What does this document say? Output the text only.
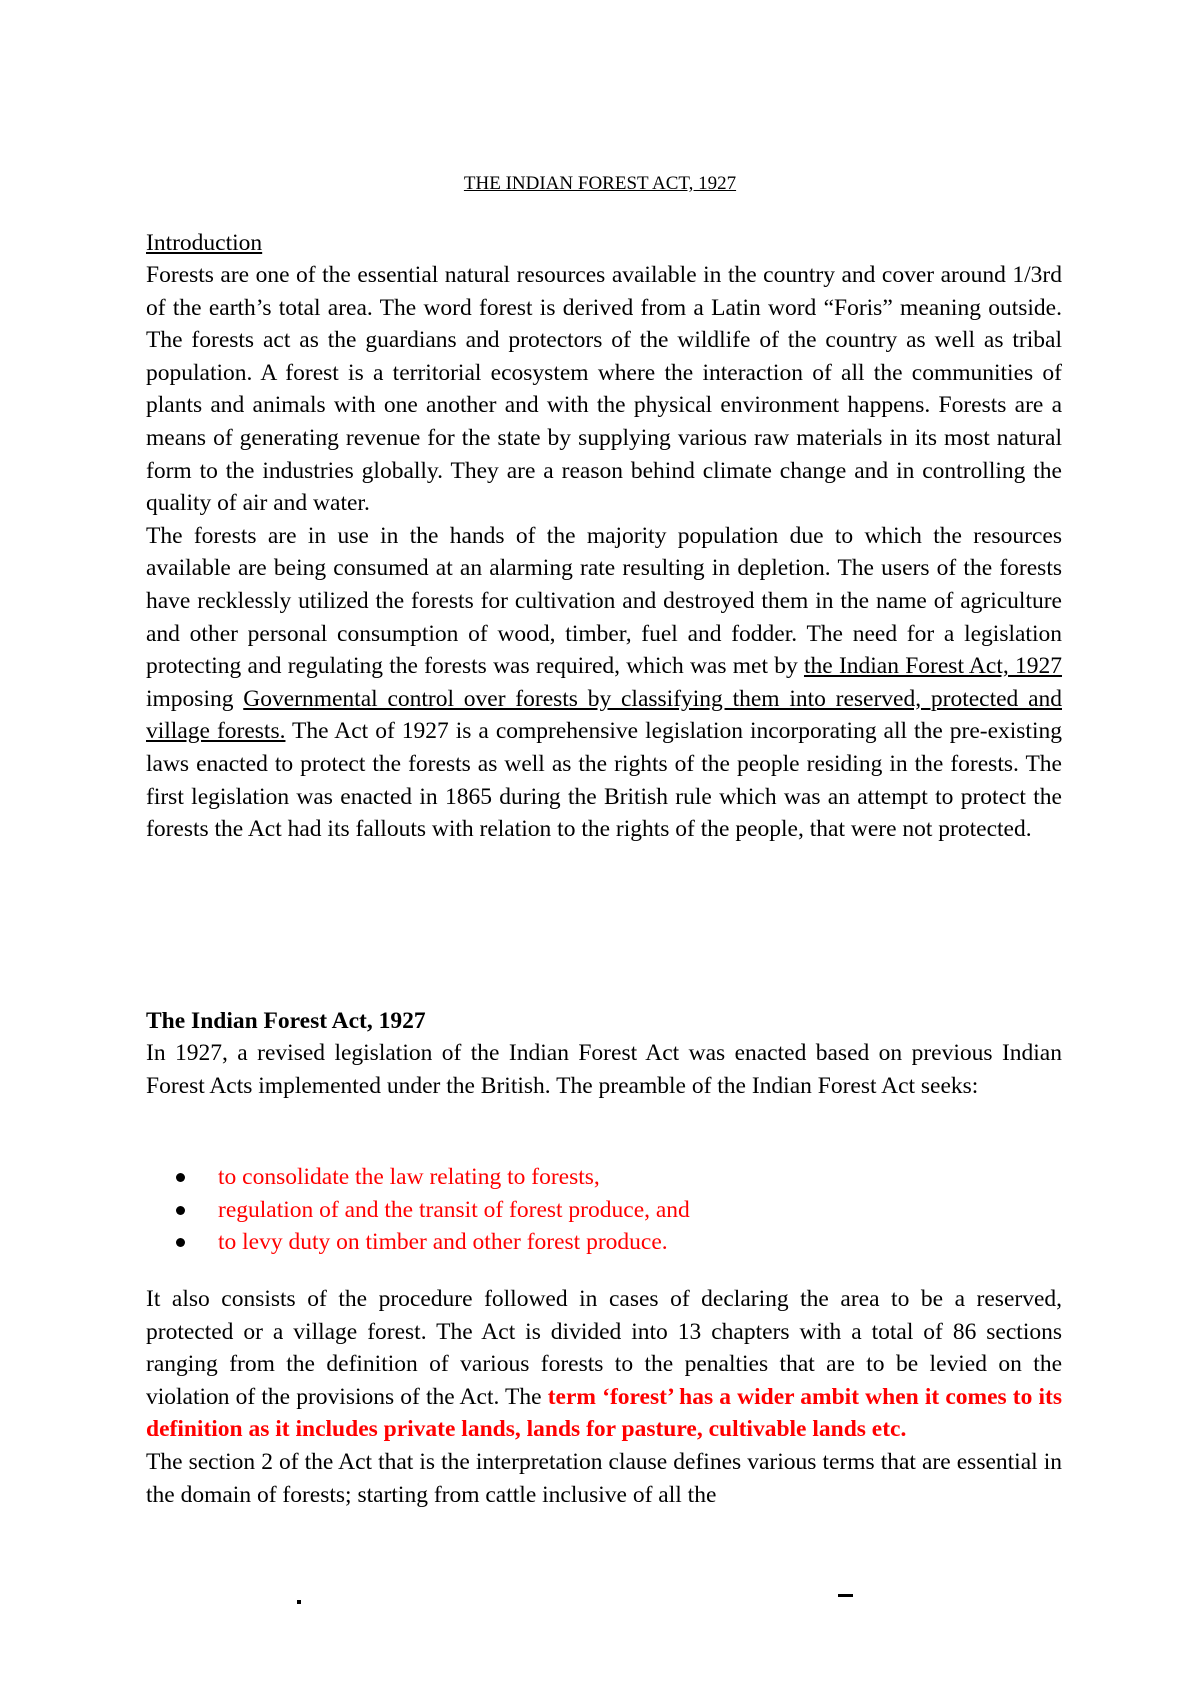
THE INDIAN FOREST ACT, 1927
Introduction

Forests are one of the essential natural resources available in the country and cover around 1/3rd of the earth’s total area. The word forest is derived from a Latin word “Foris” meaning outside. The forests act as the guardians and protectors of the wildlife of the country as well as tribal population. A forest is a territorial ecosystem where the interaction of all the communities of plants and animals with one another and with the physical environment happens. Forests are a means of generating revenue for the state by supplying various raw materials in its most natural form to the industries globally. They are a reason behind climate change and in controlling the quality of air and water.

The forests are in use in the hands of the majority population due to which the resources available are being consumed at an alarming rate resulting in depletion. The users of the forests have recklessly utilized the forests for cultivation and destroyed them in the name of agriculture and other personal consumption of wood, timber, fuel and fodder. The need for a legislation protecting and regulating the forests was required, which was met by the Indian Forest Act, 1927 imposing Governmental control over forests by classifying them into reserved, protected and village forests. The Act of 1927 is a comprehensive legislation incorporating all the pre-existing laws enacted to protect the forests as well as the rights of the people residing in the forests. The first legislation was enacted in 1865 during the British rule which was an attempt to protect the forests the Act had its fallouts with relation to the rights of the people, that were not protected.

The Indian Forest Act, 1927

In 1927, a revised legislation of the Indian Forest Act was enacted based on previous Indian Forest Acts implemented under the British. The preamble of the Indian Forest Act seeks:

to consolidate the law relating to forests,
regulation of and the transit of forest produce, and
to levy duty on timber and other forest produce.

It also consists of the procedure followed in cases of declaring the area to be a reserved, protected or a village forest. The Act is divided into 13 chapters with a total of 86 sections ranging from the definition of various forests to the penalties that are to be levied on the violation of the provisions of the Act. The term ‘forest’ has a wider ambit when it comes to its definition as it includes private lands, lands for pasture, cultivable lands etc.

The section 2 of the Act that is the interpretation clause defines various terms that are essential in the domain of forests; starting from cattle inclusive of all the
